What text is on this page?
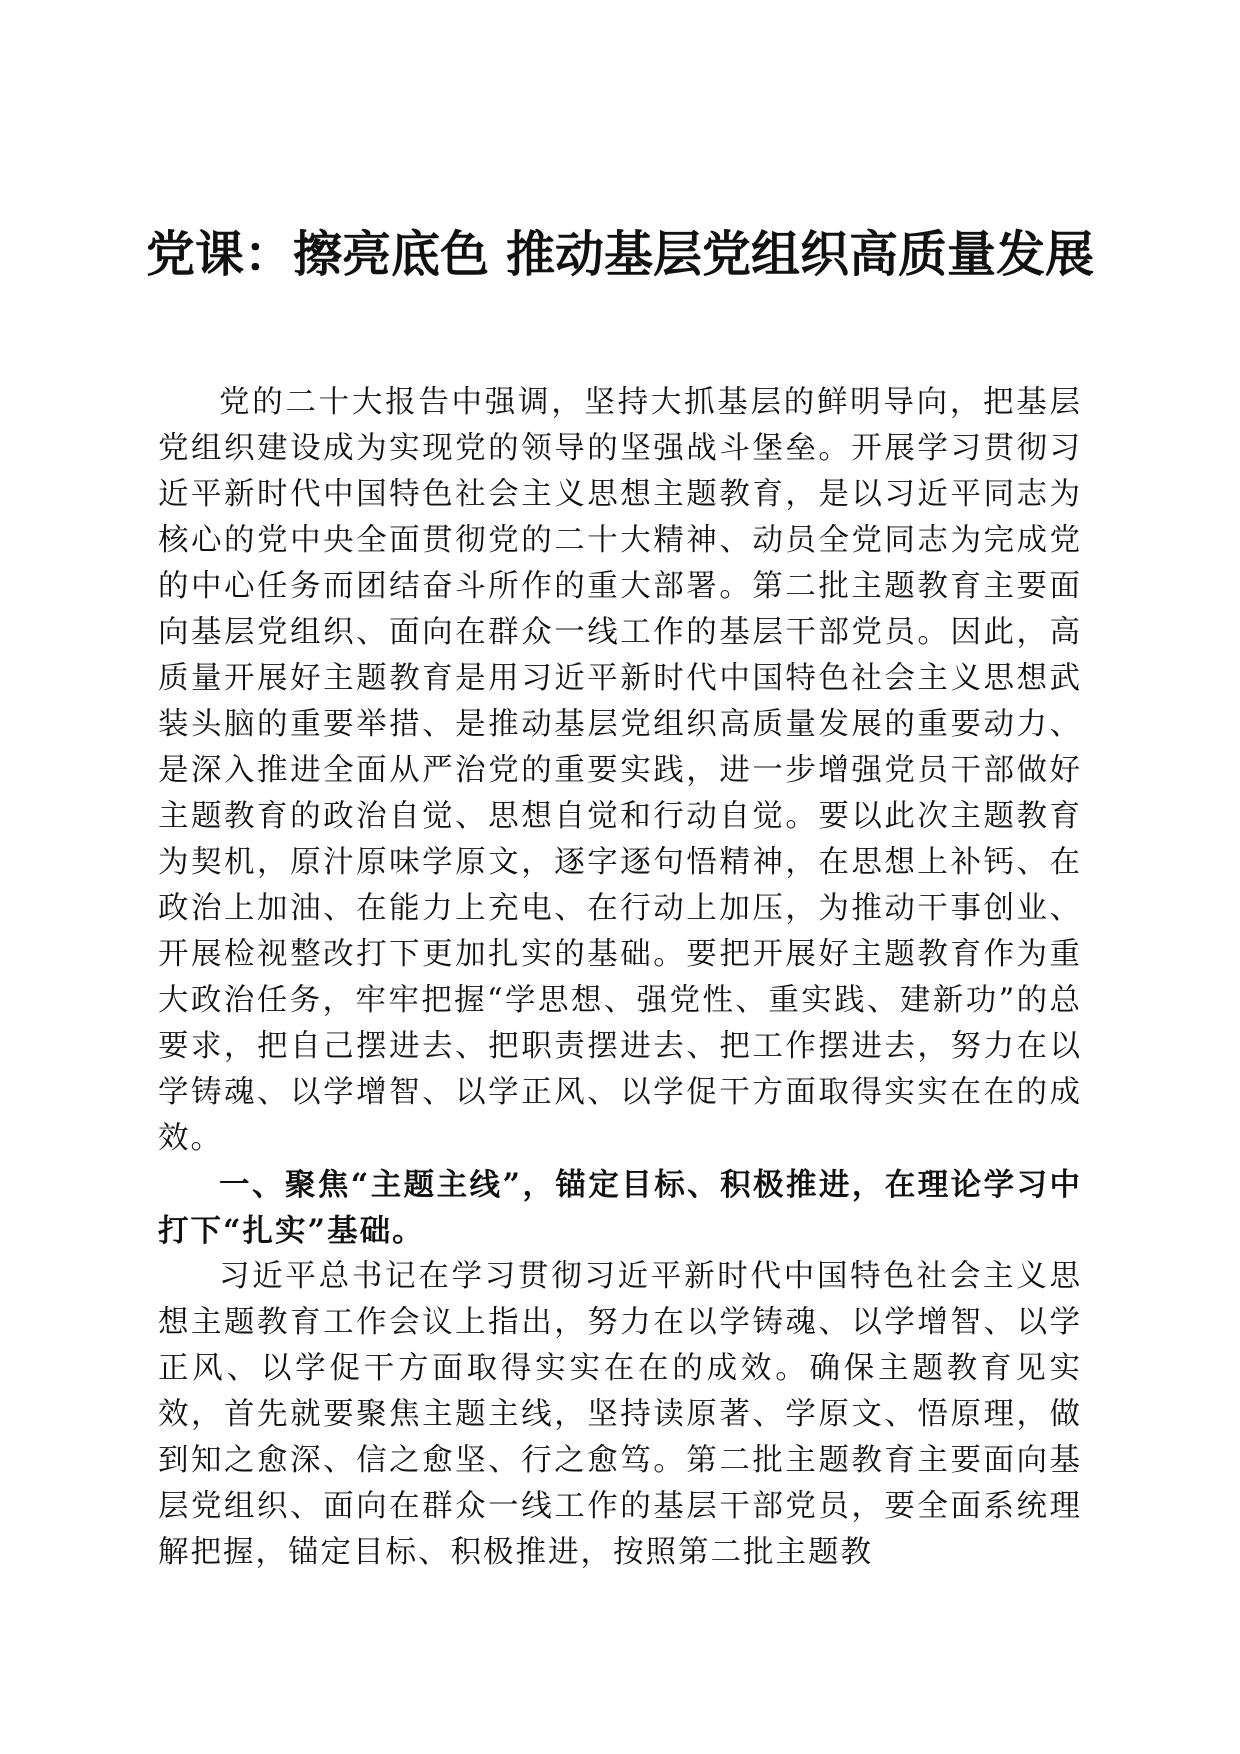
党课：擦亮底色 推动基层党组织高质量发展

党的二十大报告中强调，坚持大抓基层的鲜明导向，把基层党组织建设成为实现党的领导的坚强战斗堡垒。开展学习贯彻习近平新时代中国特色社会主义思想主题教育，是以习近平同志为核心的党中央全面贯彻党的二十大精神、动员全党同志为完成党的中心任务而团结奋斗所作的重大部署。第二批主题教育主要面向基层党组织、面向在群众一线工作的基层干部党员。因此，高质量开展好主题教育是用习近平新时代中国特色社会主义思想武装头脑的重要举措、是推动基层党组织高质量发展的重要动力、是深入推进全面从严治党的重要实践，进一步增强党员干部做好主题教育的政治自觉、思想自觉和行动自觉。要以此次主题教育为契机，原汁原味学原文，逐字逐句悟精神，在思想上补钙、在政治上加油、在能力上充电、在行动上加压，为推动干事创业、开展检视整改打下更加扎实的基础。要把开展好主题教育作为重大政治任务，牢牢把握“学思想、强党性、重实践、建新功”的总要求，把自己摆进去、把职责摆进去、把工作摆进去，努力在以学铸魂、以学增智、以学正风、以学促干方面取得实实在在的成效。

一、聚焦“主题主线”，锚定目标、积极推进，在理论学习中打下“扎实”基础。

习近平总书记在学习贯彻习近平新时代中国特色社会主义思想主题教育工作会议上指出，努力在以学铸魂、以学增智、以学正风、以学促干方面取得实实在在的成效。确保主题教育见实效，首先就要聚焦主题主线，坚持读原著、学原文、悟原理，做到知之愈深、信之愈坚、行之愈笃。第二批主题教育主要面向基层党组织、面向在群众一线工作的基层干部党员，要全面系统理解把握，锚定目标、积极推进，按照第二批主题教
